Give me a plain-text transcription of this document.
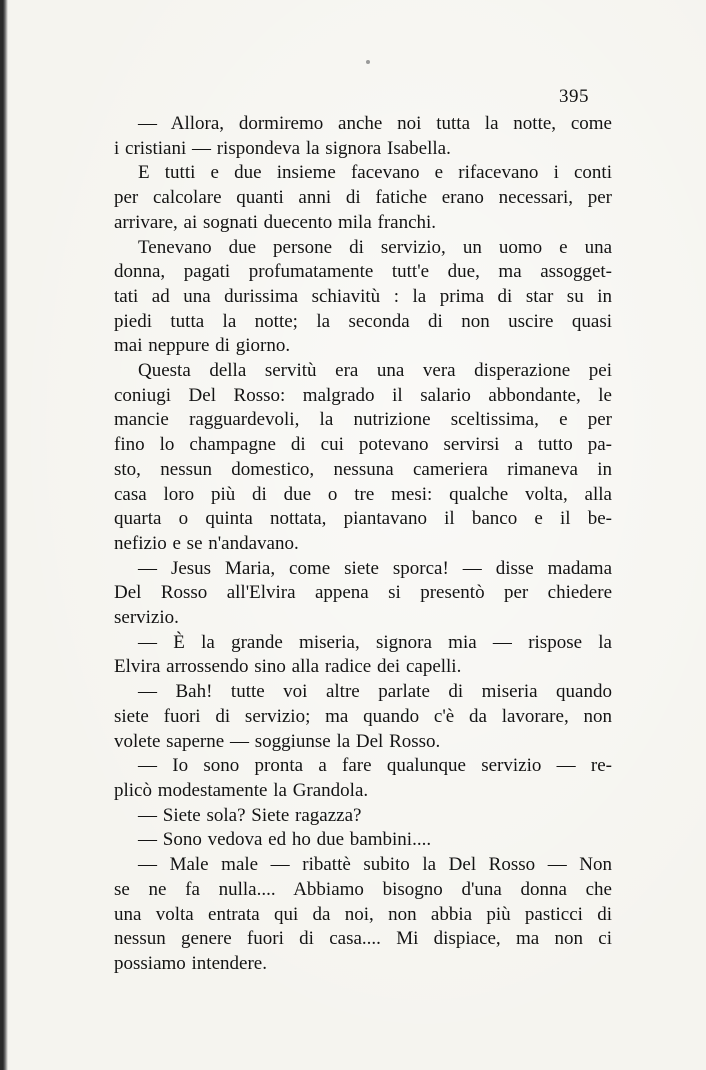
395
— Allora, dormiremo anche noi tutta la notte, come
i cristiani — rispondeva la signora Isabella.
E tutti e due insieme facevano e rifacevano i conti
per calcolare quanti anni di fatiche erano necessari, per
arrivare, ai sognati duecento mila franchi.
Tenevano due persone di servizio, un uomo e una
donna, pagati profumatamente tutt'e due, ma assogget-
tati ad una durissima schiavitù : la prima di star su in
piedi tutta la notte; la seconda di non uscire quasi
mai neppure di giorno.
Questa della servitù era una vera disperazione pei
coniugi Del Rosso: malgrado il salario abbondante, le
mancie ragguardevoli, la nutrizione sceltissima, e per
fino lo champagne di cui potevano servirsi a tutto pa-
sto, nessun domestico, nessuna cameriera rimaneva in
casa loro più di due o tre mesi: qualche volta, alla
quarta o quinta nottata, piantavano il banco e il be-
nefizio e se n'andavano.
— Jesus Maria, come siete sporca! — disse madama
Del Rosso all'Elvira appena si presentò per chiedere
servizio.
— È la grande miseria, signora mia — rispose la
Elvira arrossendo sino alla radice dei capelli.
— Bah! tutte voi altre parlate di miseria quando
siete fuori di servizio; ma quando c'è da lavorare, non
volete saperne — soggiunse la Del Rosso.
— Io sono pronta a fare qualunque servizio — re-
plicò modestamente la Grandola.
— Siete sola? Siete ragazza?
— Sono vedova ed ho due bambini....
— Male male — ribattè subito la Del Rosso — Non
se ne fa nulla.... Abbiamo bisogno d'una donna che
una volta entrata qui da noi, non abbia più pasticci di
nessun genere fuori di casa.... Mi dispiace, ma non ci
possiamo intendere.
